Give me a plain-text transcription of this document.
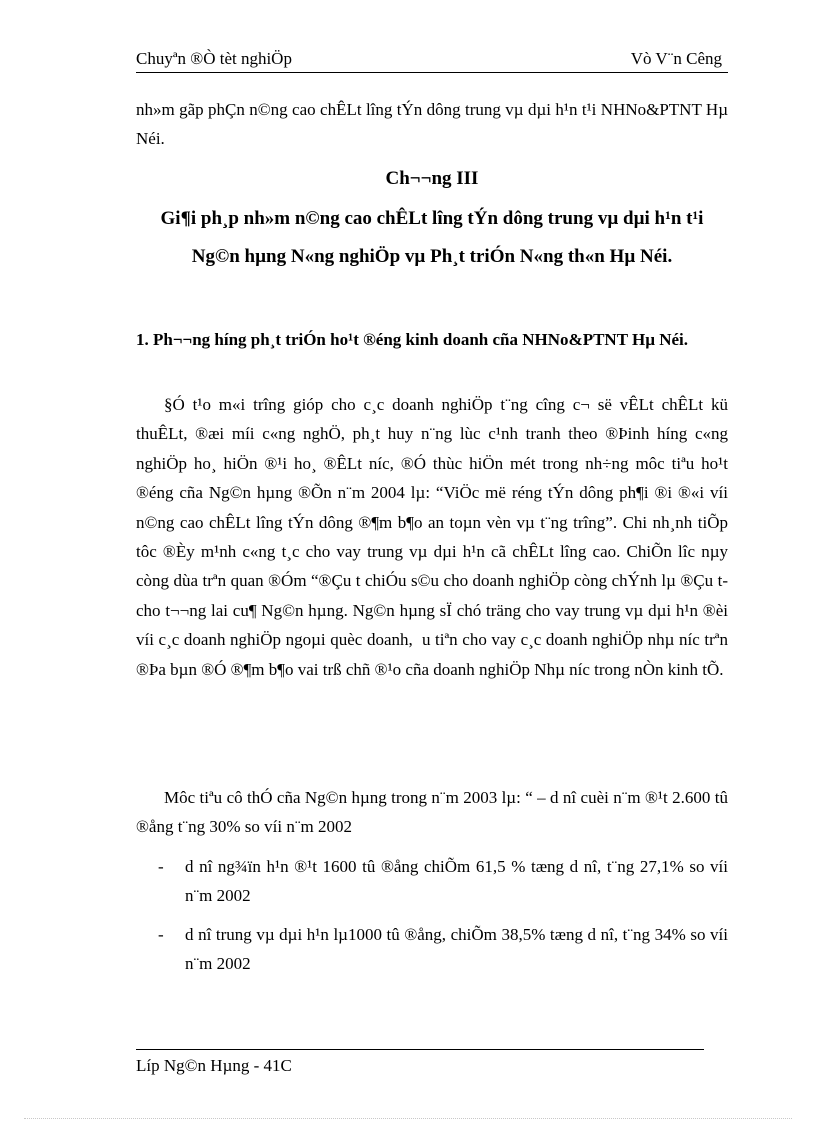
Chuyªn ®Ò tèt nghiÖp	Vò V¨n Cêng
nh»m gãp phÇn n©ng cao chÊLt lîng tÝn dông trung vµ dµi h¹n t¹i NHNo&PTNT Hµ Néi.
Ch¬¬ng III
Gi¶i ph¸p nh»m n©ng cao chÊLt lîng tÝn dông trung vµ dµi h¹n t¹i Ng©n hµng N«ng nghiÖp vµ Ph¸t triÓn N«ng th«n Hµ Néi.
1. Ph¬¬ng híng ph¸t triÓn ho¹t ®éng kinh doanh cña NHNo&PTNT Hµ Néi.
§Ó t¹o m«i trîng gióp cho c¸c doanh nghiÖp t¨ng cîng c¬ së vÊLt chÊLt kü thuÊLt, ®æi míi c«ng nghÖ, ph¸t huy n¨ng lùc c¹nh tranh theo ®Þinh híng c«ng nghiÖp ho¸ hiÖn ®¹i ho¸ ®ÊLt níc, ®Ó thùc hiÖn mét trong nh÷ng môc tiªu ho¹t ®éng cña Ng©n hµng ®Õn n¨m 2004 lµ: “ViÖc më réng tÝn dông ph¶i ®i ®«i víi n©ng cao chÊLt lîng tÝn dông ®¶m b¶o an toµn vèn vµ t¨ng trîng”. Chi nh¸nh tiÕp tôc ®Èy m¹nh c«ng t¸c cho vay trung vµ dµi h¹n cã chÊLt lîng cao. ChiÕn lîc nµy còng dùa trªn quan ®Óm “®Çu t chiÓu s©u cho doanh nghiÖp còng chÝnh lµ ®Çu t cho t¬¬ng lai cu¶ Ng©n hµng. Ng©n hµng sÏ chó träng cho vay trung vµ dµi h¹n ®èi víi c¸c doanh nghiÖp ngoµi quèc doanh, u tiªn cho vay c¸c doanh nghiÖp nhµ níc trªn ®Þa bµn ®Ó ®¶m b¶o vai trß chñ ®¹o cña doanh nghiÖp Nhµ níc trong nÒn kinh tÕ.
Môc tiªu cô thÓ cña Ng©n hµng trong n¨m 2003 lµ: “ – d nî cuèi n¨m ®¹t 2.600 tû ®ång t¨ng 30% so víi n¨m 2002
-	d nî ng¾ïn h¹n ®¹t 1600 tû ®ång chiÕm 61,5 % tæng d nî, t¨ng 27,1% so víi n¨m 2002
-	d nî trung vµ dµi h¹n lµ1000 tû ®ång, chiÕm 38,5% tæng d nî, t¨ng 34% so víi n¨m 2002
Líp Ng©n Hµng - 41C
